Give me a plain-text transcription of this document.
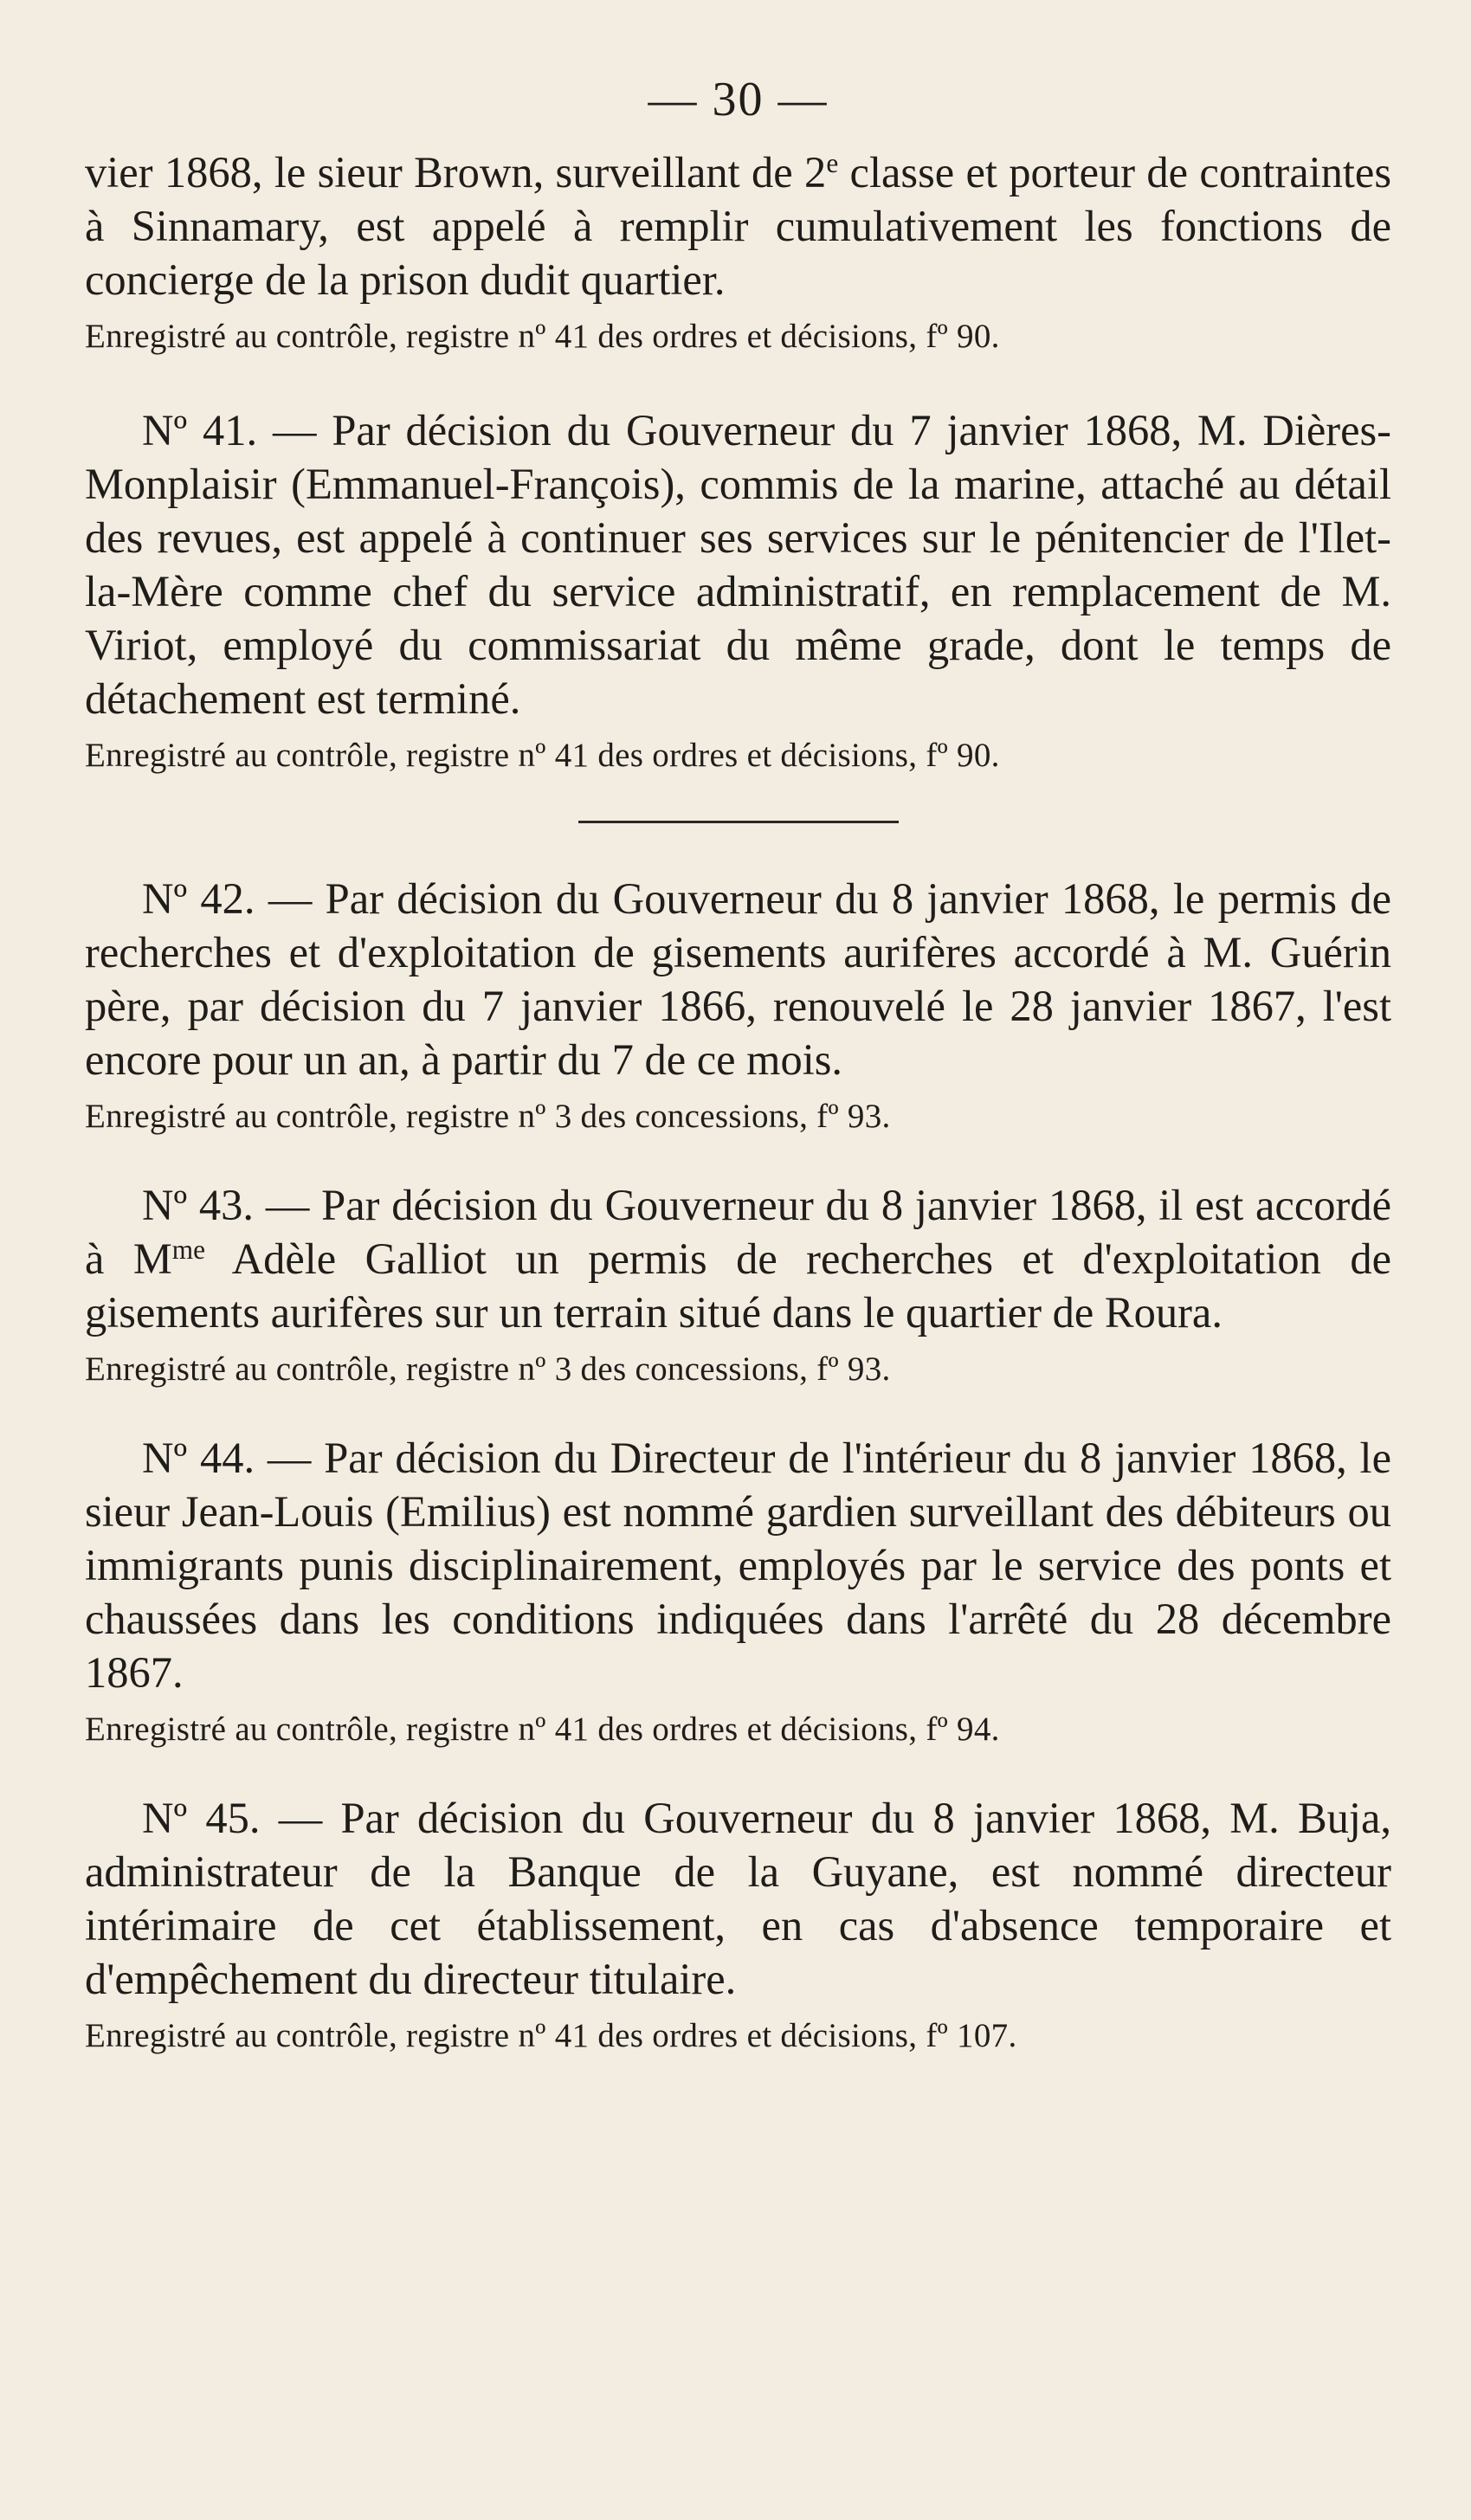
— 30 —

vier 1868, le sieur Brown, surveillant de 2e classe et porteur de contraintes à Sinnamary, est appelé à remplir cumulativement les fonctions de concierge de la prison dudit quartier.

Enregistré au contrôle, registre nº 41 des ordres et décisions, fº 90.

Nº 41. — Par décision du Gouverneur du 7 janvier 1868, M. Dières-Monplaisir (Emmanuel-François), commis de la marine, attaché au détail des revues, est appelé à continuer ses services sur le pénitencier de l'Ilet-la-Mère comme chef du service administratif, en remplacement de M. Viriot, employé du commissariat du même grade, dont le temps de détachement est terminé.

Enregistré au contrôle, registre nº 41 des ordres et décisions, fº 90.

Nº 42. — Par décision du Gouverneur du 8 janvier 1868, le permis de recherches et d'exploitation de gisements aurifères accordé à M. Guérin père, par décision du 7 janvier 1866, renouvelé le 28 janvier 1867, l'est encore pour un an, à partir du 7 de ce mois.

Enregistré au contrôle, registre nº 3 des concessions, fº 93.

Nº 43. — Par décision du Gouverneur du 8 janvier 1868, il est accordé à $M^{me}$ Adèle Galliot un permis de recherches et d'exploitation de gisements aurifères sur un terrain situé dans le quartier de Roura.

Enregistré au contrôle, registre nº 3 des concessions, fº 93.

Nº 44. — Par décision du Directeur de l'intérieur du 8 janvier 1868, le sieur Jean-Louis (Emilius) est nommé gardien surveillant des débiteurs ou immigrants punis disciplinairement, employés par le service des ponts et chaussées dans les conditions indiquées dans l'arrêté du 28 décembre 1867.

Enregistré au contrôle, registre nº 41 des ordres et décisions, fº 94.

Nº 45. — Par décision du Gouverneur du 8 janvier 1868, M. Buja, administrateur de la Banque de la Guyane, est nommé directeur intérimaire de cet établissement, en cas d'absence temporaire et d'empêchement du directeur titulaire.

Enregistré au contrôle, registre nº 41 des ordres et décisions, fº 107.
